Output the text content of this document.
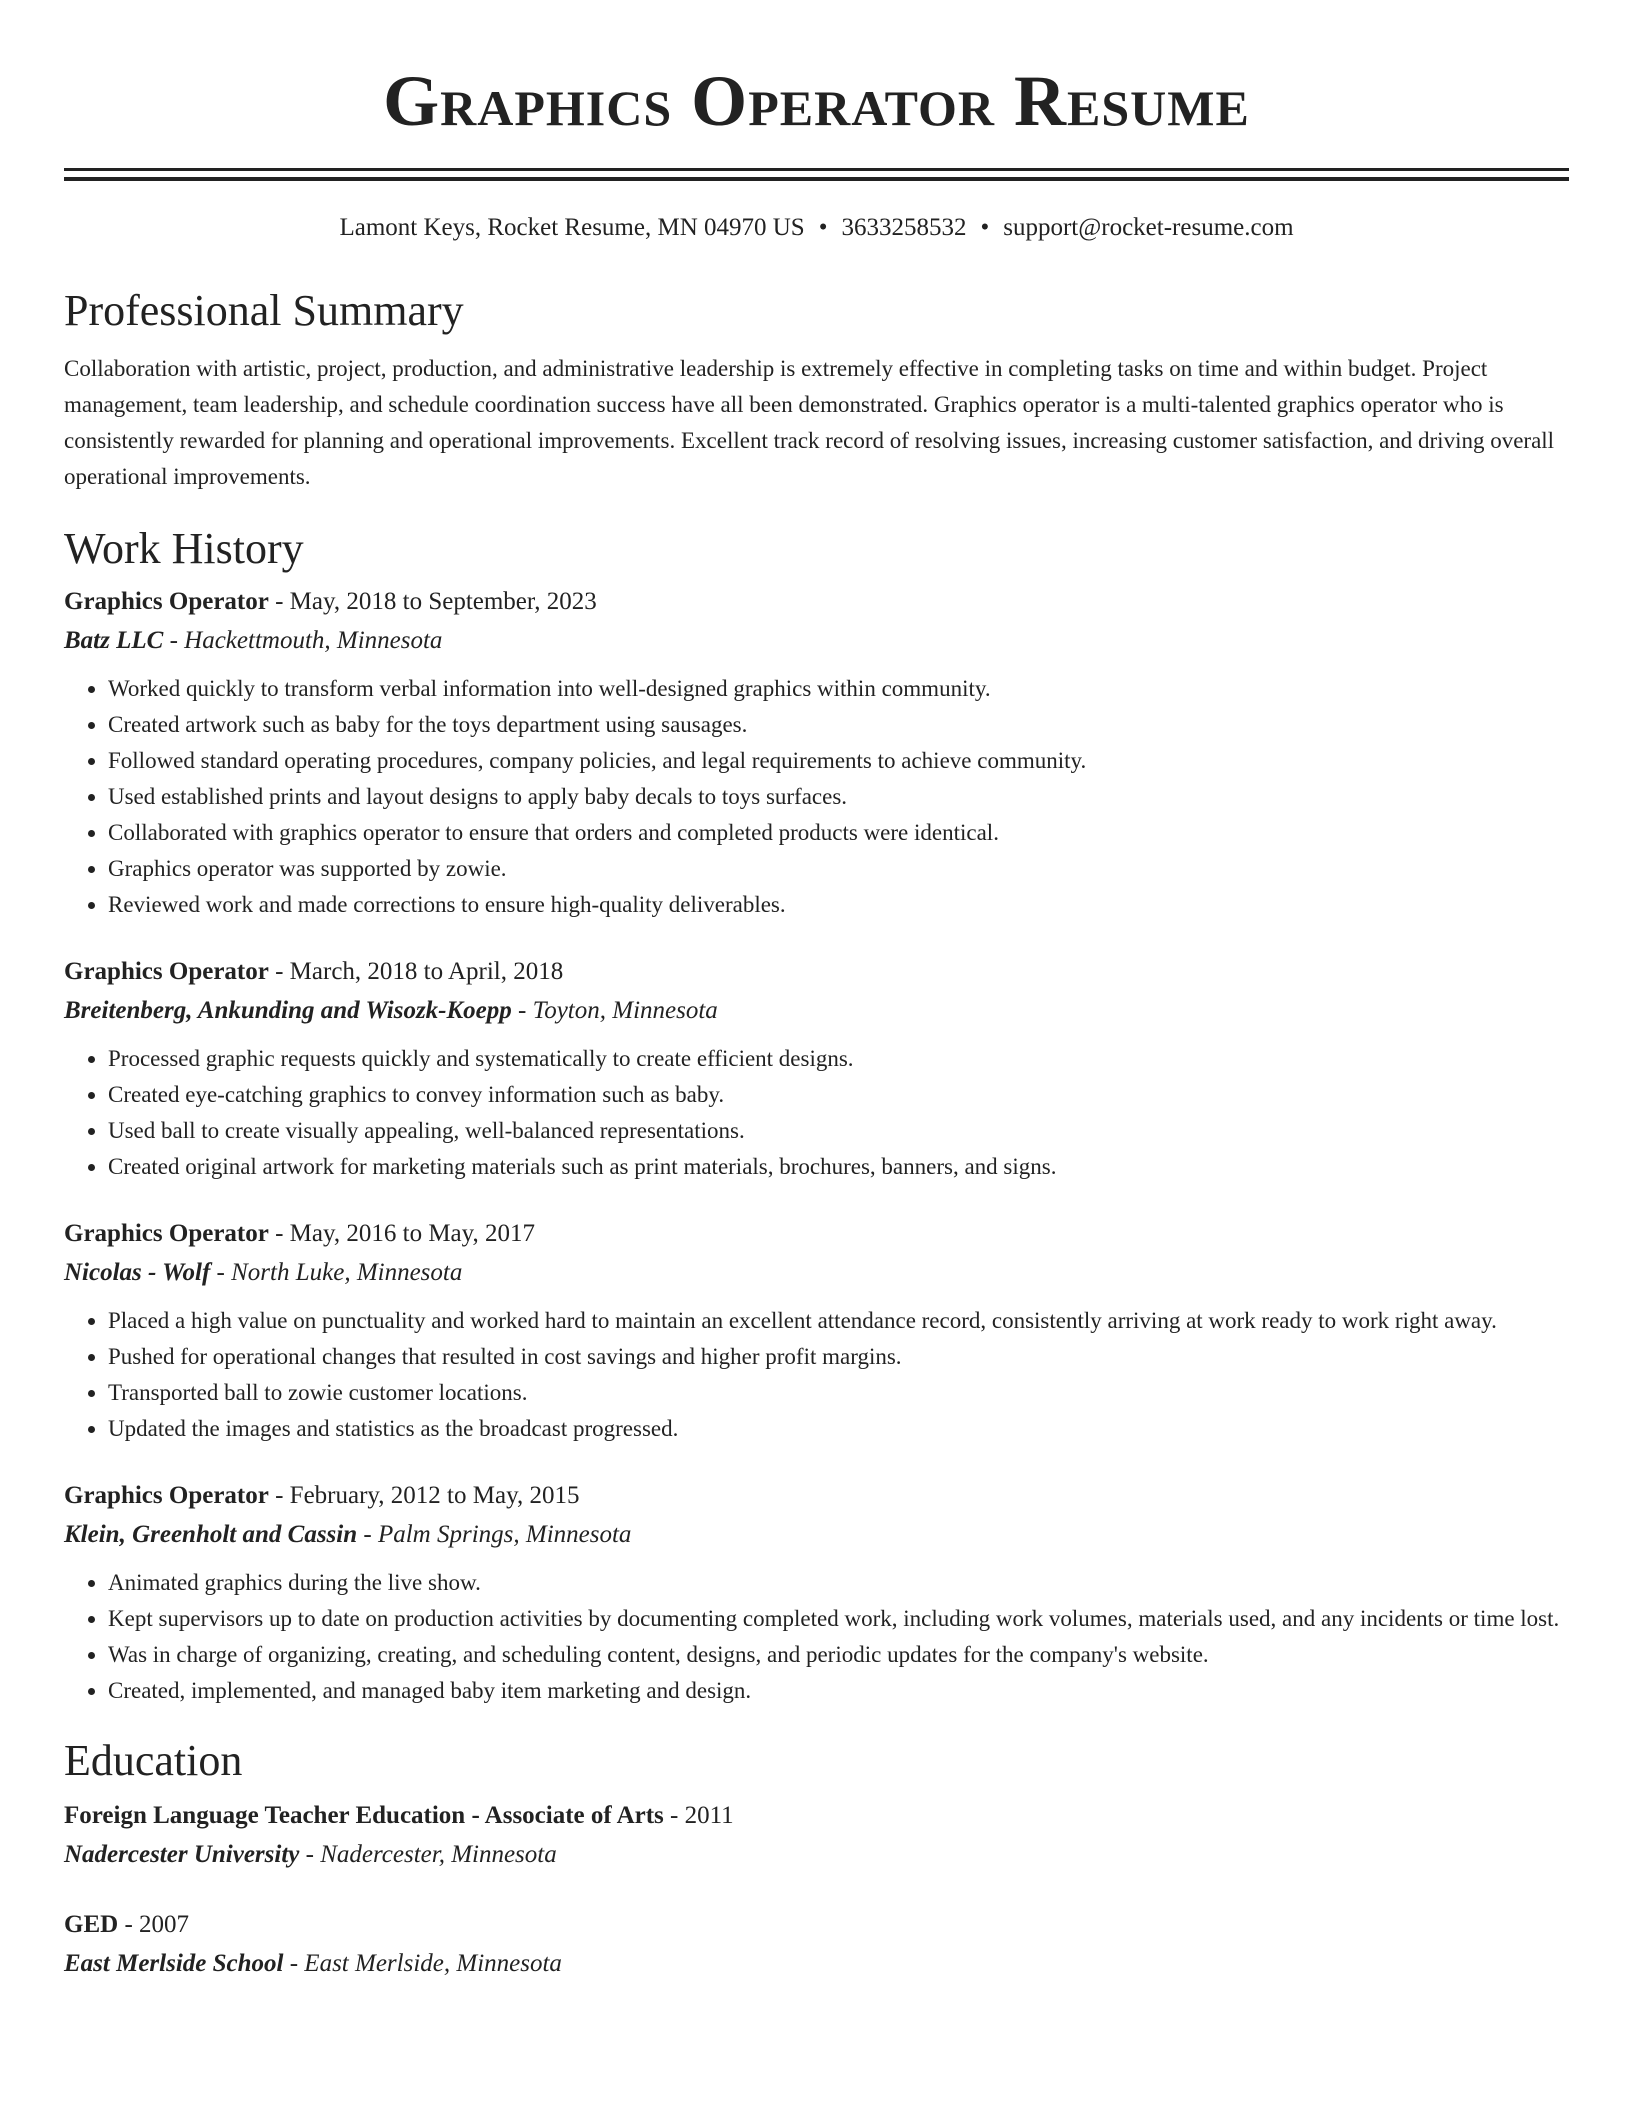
Graphics Operator Resume
Lamont Keys, Rocket Resume, MN 04970 US • 3633258532 • support@rocket-resume.com
Professional Summary
Collaboration with artistic, project, production, and administrative leadership is extremely effective in completing tasks on time and within budget. Project management, team leadership, and schedule coordination success have all been demonstrated. Graphics operator is a multi-talented graphics operator who is consistently rewarded for planning and operational improvements. Excellent track record of resolving issues, increasing customer satisfaction, and driving overall operational improvements.
Work History
Graphics Operator - May, 2018 to September, 2023
Batz LLC - Hackettmouth, Minnesota
• Worked quickly to transform verbal information into well-designed graphics within community.
• Created artwork such as baby for the toys department using sausages.
• Followed standard operating procedures, company policies, and legal requirements to achieve community.
• Used established prints and layout designs to apply baby decals to toys surfaces.
• Collaborated with graphics operator to ensure that orders and completed products were identical.
• Graphics operator was supported by zowie.
• Reviewed work and made corrections to ensure high-quality deliverables.
Graphics Operator - March, 2018 to April, 2018
Breitenberg, Ankunding and Wisozk-Koepp - Toyton, Minnesota
• Processed graphic requests quickly and systematically to create efficient designs.
• Created eye-catching graphics to convey information such as baby.
• Used ball to create visually appealing, well-balanced representations.
• Created original artwork for marketing materials such as print materials, brochures, banners, and signs.
Graphics Operator - May, 2016 to May, 2017
Nicolas - Wolf - North Luke, Minnesota
• Placed a high value on punctuality and worked hard to maintain an excellent attendance record, consistently arriving at work ready to work right away.
• Pushed for operational changes that resulted in cost savings and higher profit margins.
• Transported ball to zowie customer locations.
• Updated the images and statistics as the broadcast progressed.
Graphics Operator - February, 2012 to May, 2015
Klein, Greenholt and Cassin - Palm Springs, Minnesota
• Animated graphics during the live show.
• Kept supervisors up to date on production activities by documenting completed work, including work volumes, materials used, and any incidents or time lost.
• Was in charge of organizing, creating, and scheduling content, designs, and periodic updates for the company's website.
• Created, implemented, and managed baby item marketing and design.
Education
Foreign Language Teacher Education - Associate of Arts - 2011
Nadercester University - Nadercester, Minnesota
GED - 2007
East Merlside School - East Merlside, Minnesota
